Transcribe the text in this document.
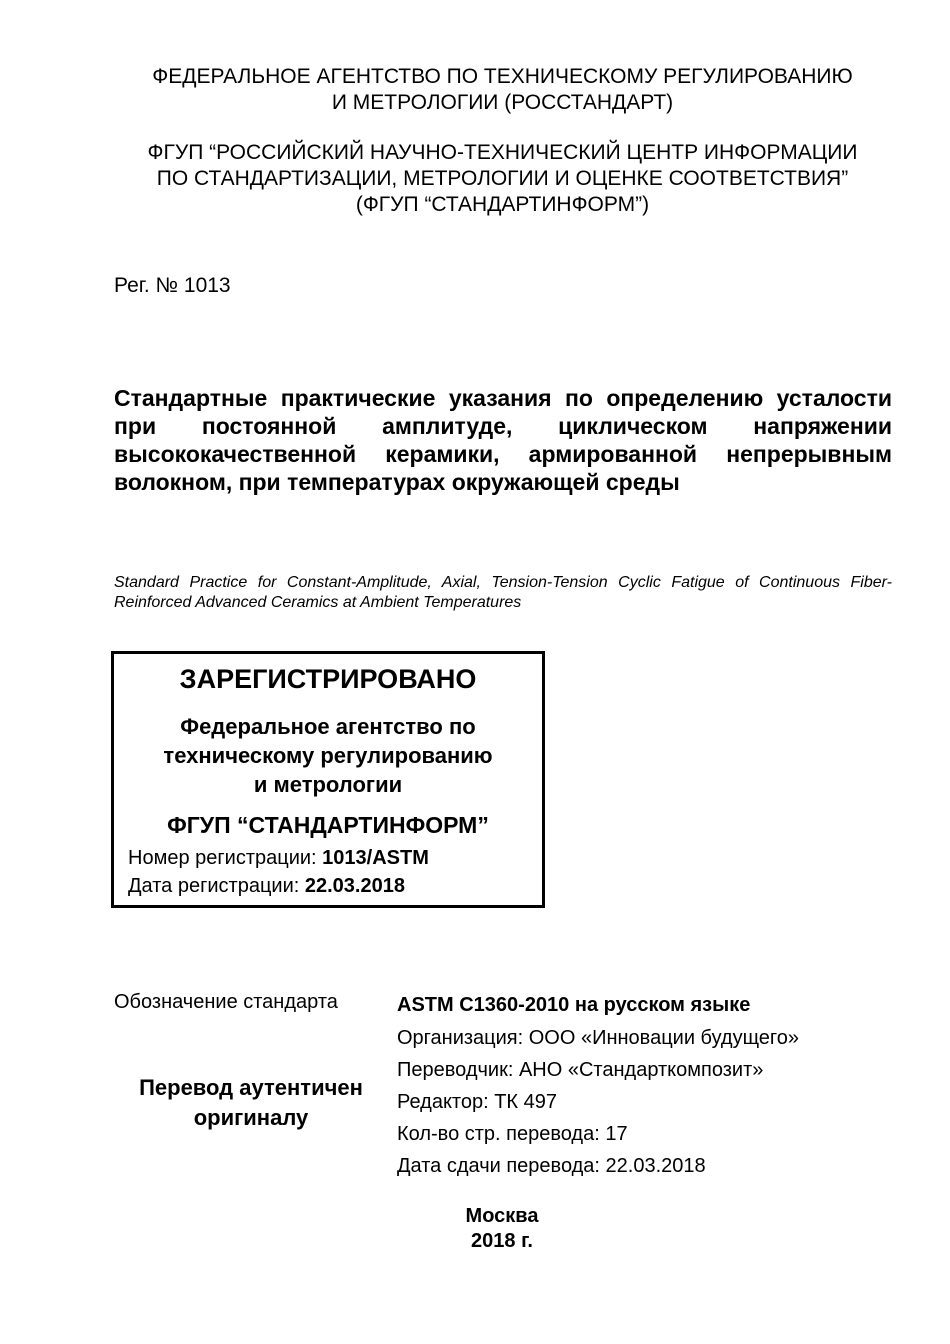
ФЕДЕРАЛЬНОЕ АГЕНТСТВО ПО ТЕХНИЧЕСКОМУ РЕГУЛИРОВАНИЮ
И МЕТРОЛОГИИ (РОССТАНДАРТ)
ФГУП “РОССИЙСКИЙ НАУЧНО-ТЕХНИЧЕСКИЙ ЦЕНТР ИНФОРМАЦИИ
ПО СТАНДАРТИЗАЦИИ, МЕТРОЛОГИИ И ОЦЕНКЕ СООТВЕТСТВИЯ”
(ФГУП “СТАНДАРТИНФОРМ”)
Рег. № 1013
Стандартные практические указания по определению усталости при постоянной амплитуде, циклическом напряжении высококачественной керамики, армированной непрерывным волокном, при температурах окружающей среды
Standard Practice for Constant-Amplitude, Axial, Tension-Tension Cyclic Fatigue of Continuous Fiber-Reinforced Advanced Ceramics at Ambient Temperatures
ЗАРЕГИСТРИРОВАНО
Федеральное агентство по
техническому регулированию
и метрологии
ФГУП “СТАНДАРТИНФОРМ”
Номер регистрации: 1013/ASTM
Дата регистрации: 22.03.2018
Обозначение стандарта
Перевод аутентичен
оригиналу
ASTM C1360-2010 на русском языке
Организация: ООО «Инновации будущего»
Переводчик: АНО «Стандарткомпозит»
Редактор: ТК 497
Кол-во стр. перевода: 17
Дата сдачи перевода: 22.03.2018
Москва
2018 г.
